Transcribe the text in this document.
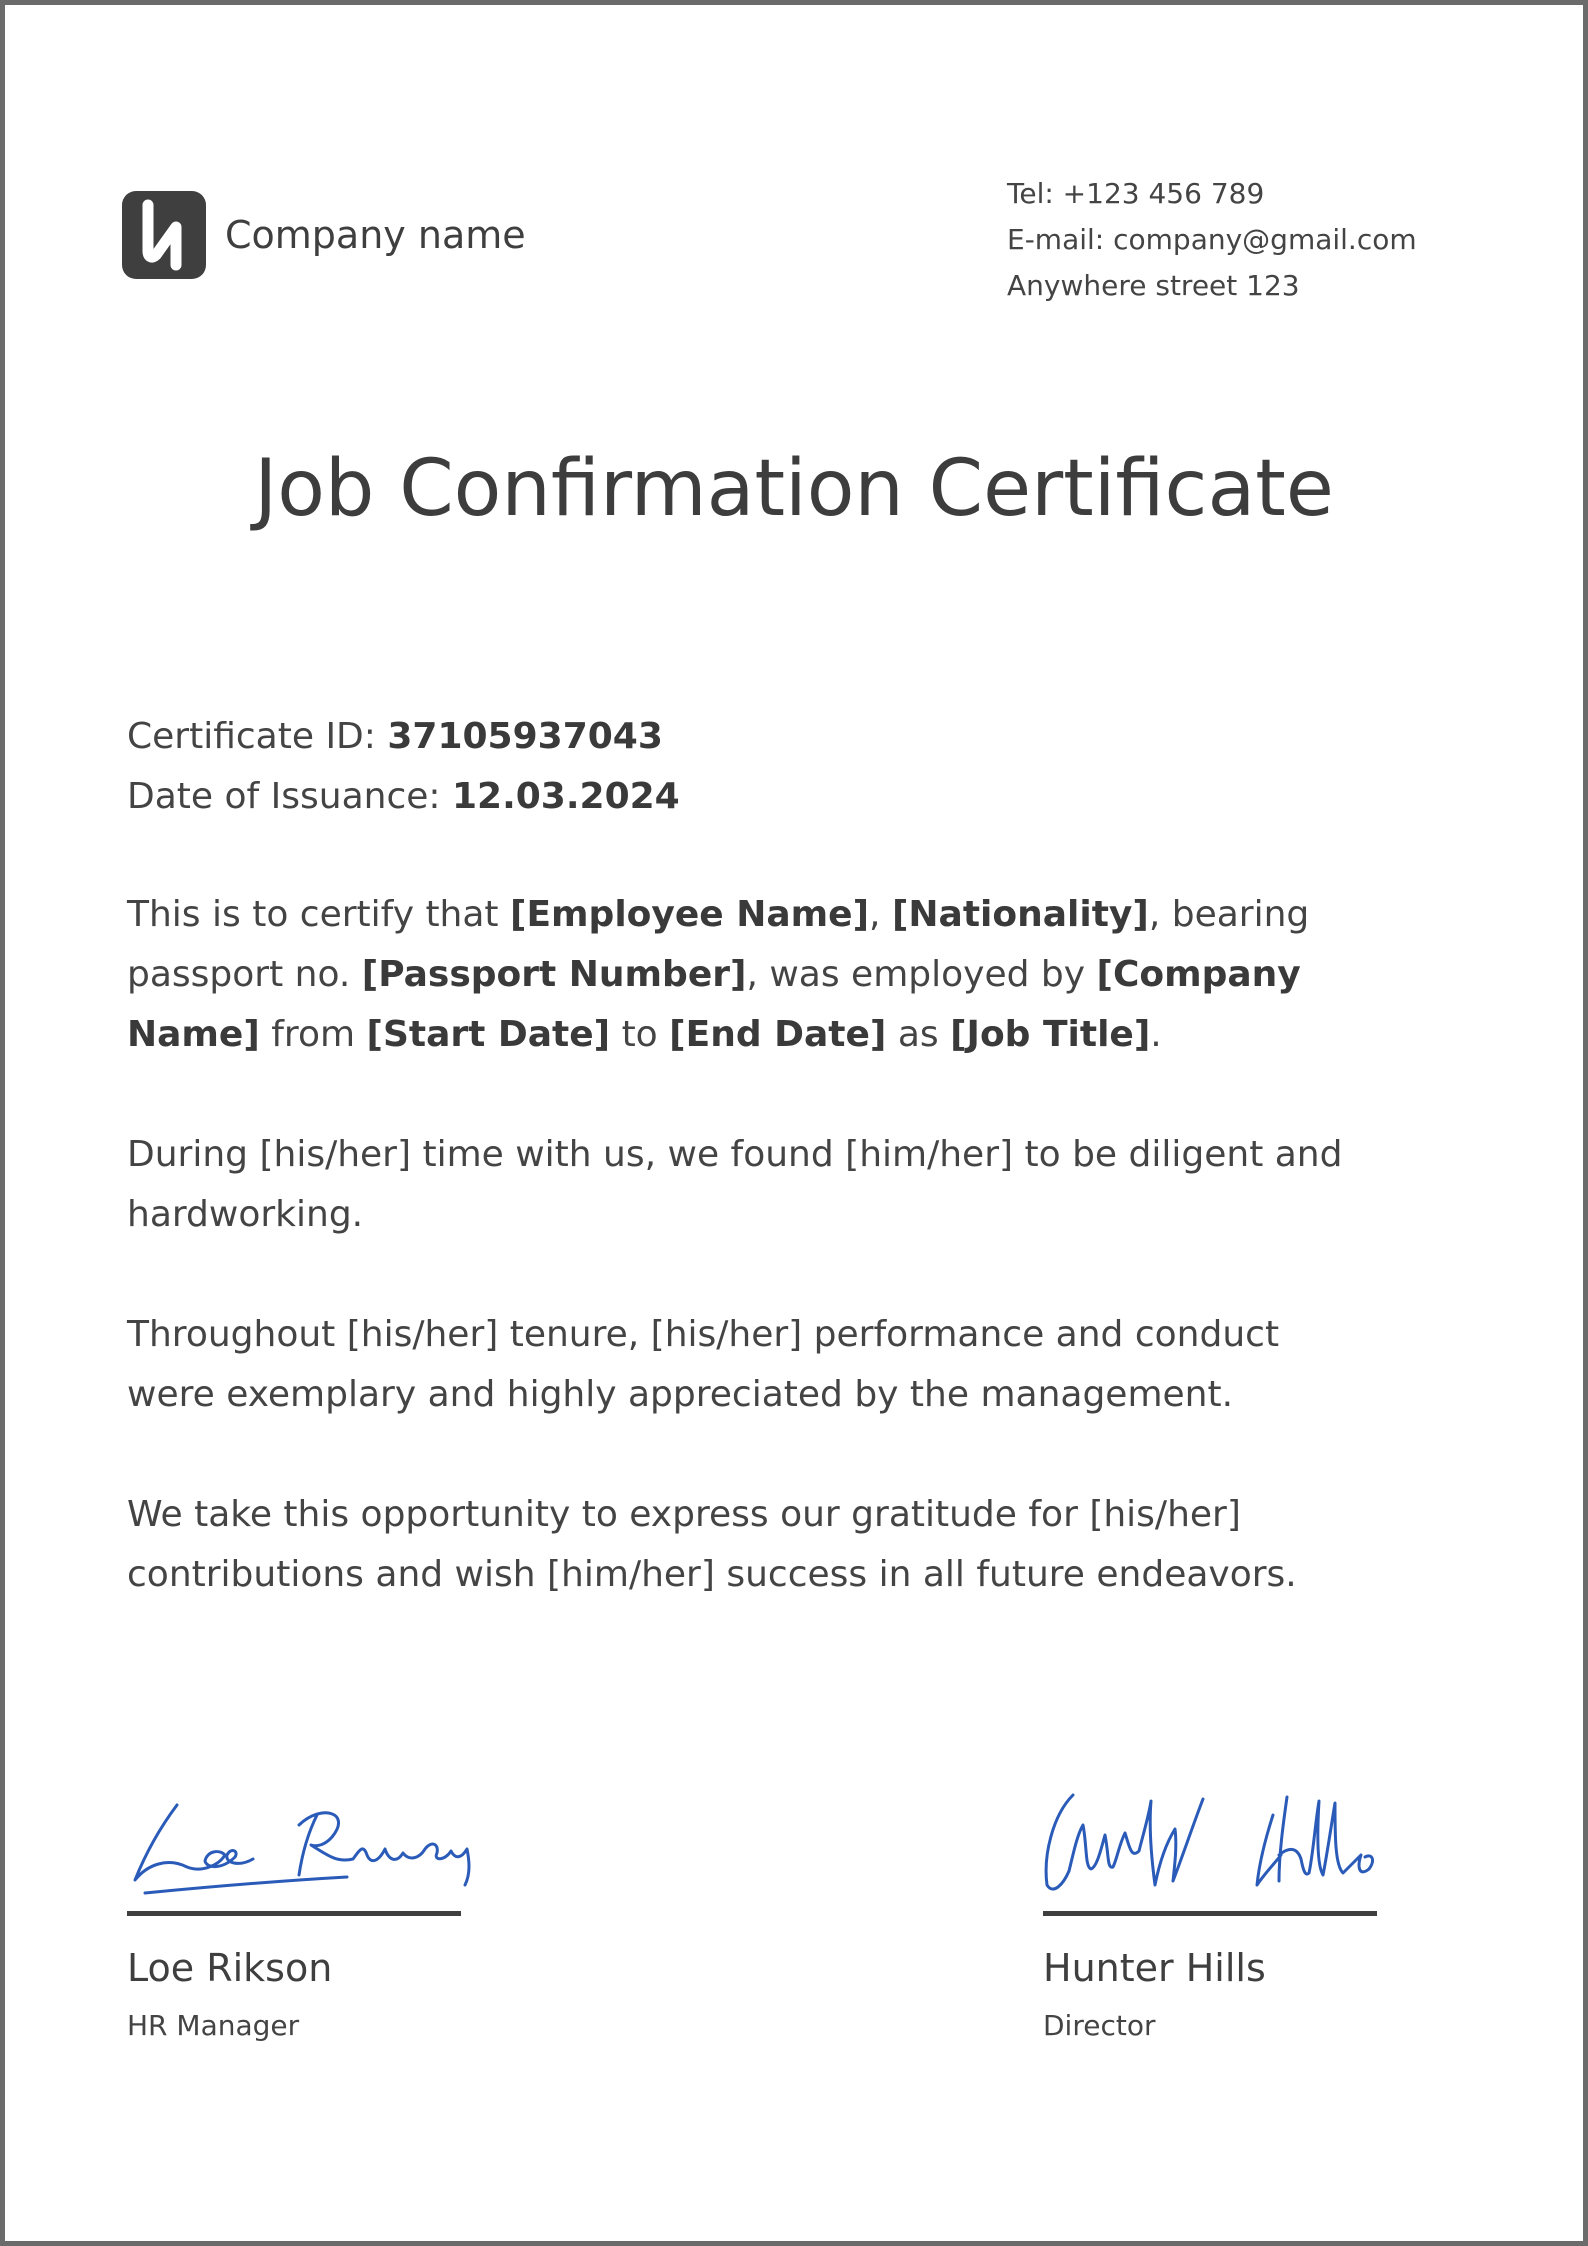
Company name
Tel: +123 456 789
E-mail: company@gmail.com
Anywhere street 123
Job Confirmation Certificate
Certificate ID: 37105937043
Date of Issuance: 12.03.2024

This is to certify that [Employee Name], [Nationality], bearing
passport no. [Passport Number], was employed by [Company
Name] from [Start Date] to [End Date] as [Job Title].

During [his/her] time with us, we found [him/her] to be diligent and
hardworking.

Throughout [his/her] tenure, [his/her] performance and conduct
were exemplary and highly appreciated by the management.

We take this opportunity to express our gratitude for [his/her]
contributions and wish [him/her] success in all future endeavors.

Loe Rikson
HR Manager
Hunter Hills
Director
